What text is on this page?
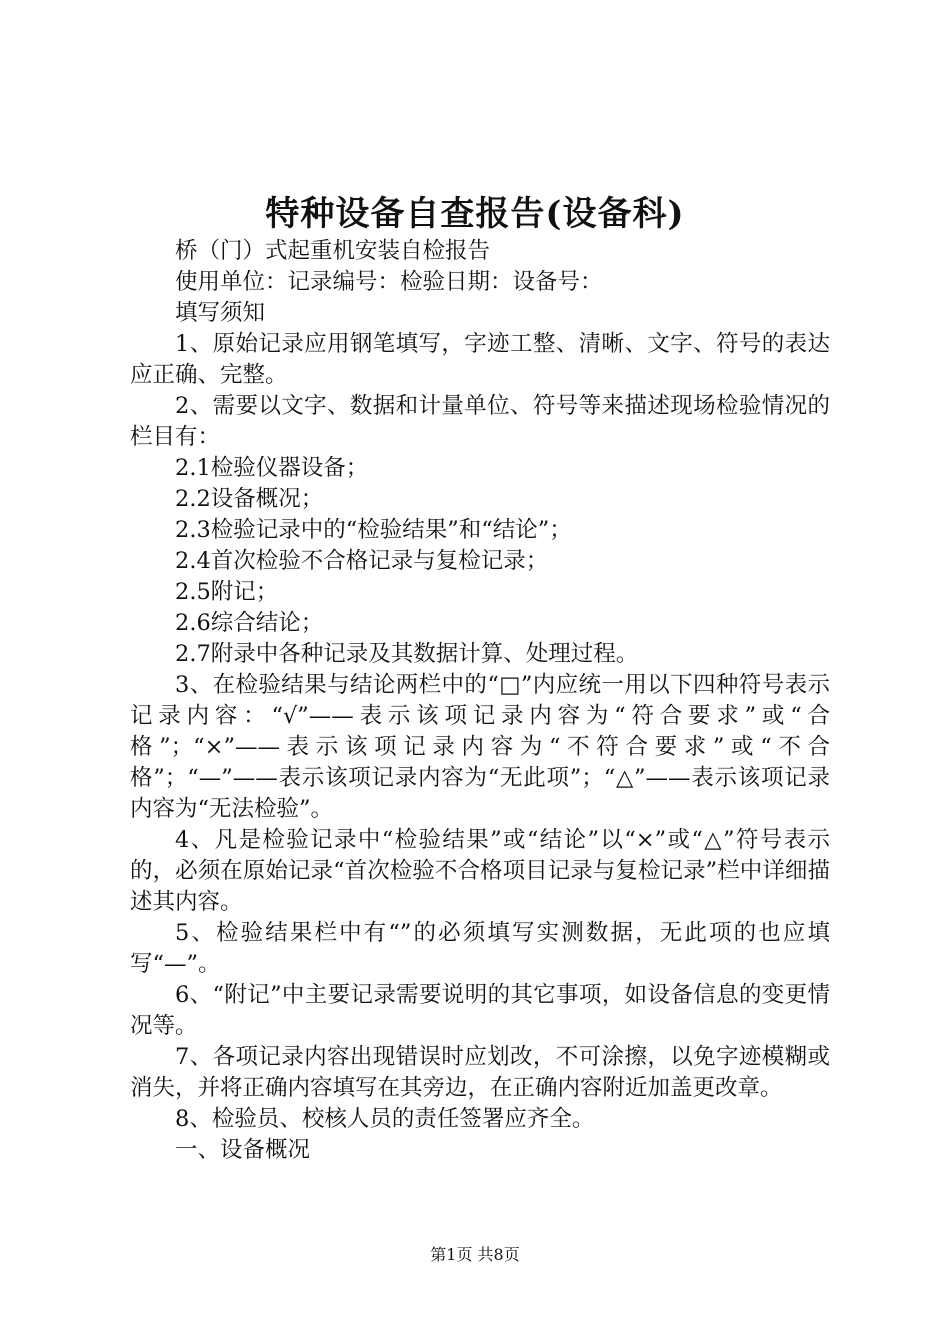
特种设备自查报告(设备科)

桥（门）式起重机安装自检报告

使用单位：记录编号：检验日期：设备号：

填写须知

1、原始记录应用钢笔填写，字迹工整、清晰、文字、符号的表达应正确、完整。

2、需要以文字、数据和计量单位、符号等来描述现场检验情况的栏目有：

2.1检验仪器设备；

2.2设备概况；

2.3检验记录中的“检验结果”和“结论”；

2.4首次检验不合格记录与复检记录；

2.5附记；

2.6综合结论；

2.7附录中各种记录及其数据计算、处理过程。

3、在检验结果与结论两栏中的“□”内应统一用以下四种符号表示记录内容：“√”——表示该项记录内容为“符合要求”或“合格”；“×”——表示该项记录内容为“不符合要求”或“不合格”；“—”——表示该项记录内容为“无此项”；“△”——表示该项记录内容为“无法检验”。

4、凡是检验记录中“检验结果”或“结论”以“×”或“△”符号表示的，必须在原始记录“首次检验不合格项目记录与复检记录”栏中详细描述其内容。

5、检验结果栏中有“”的必须填写实测数据，无此项的也应填写“—”。

6、“附记”中主要记录需要说明的其它事项，如设备信息的变更情况等。

7、各项记录内容出现错误时应划改，不可涂擦，以免字迹模糊或消失，并将正确内容填写在其旁边，在正确内容附近加盖更改章。

8、检验员、校核人员的责任签署应齐全。

一、设备概况

第1页 共8页
